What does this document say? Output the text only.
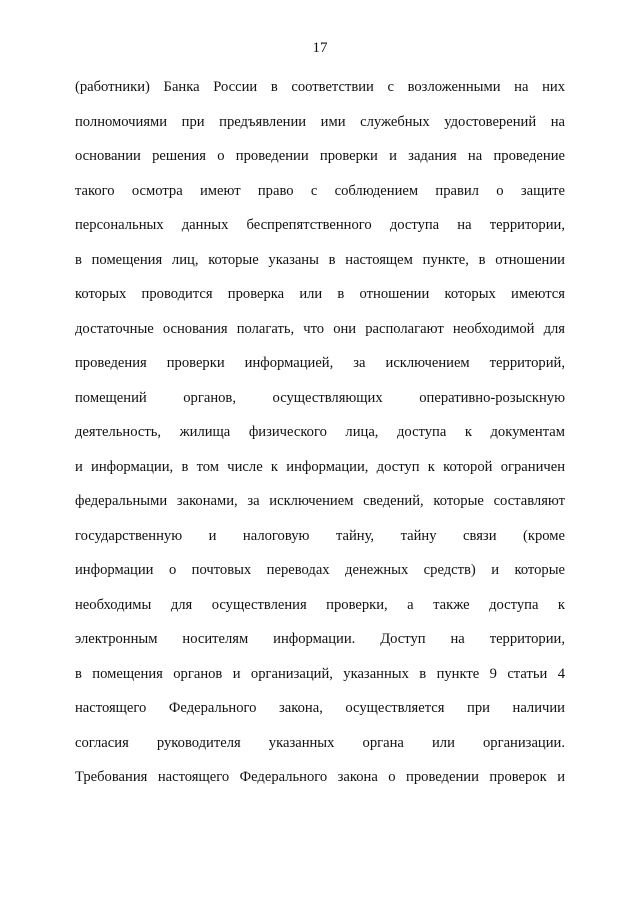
17
(работники) Банка России в соответствии с возложенными на них
полномочиями при предъявлении ими служебных удостоверений на
основании решения о проведении проверки и задания на проведение
такого осмотра имеют право с соблюдением правил о защите
персональных данных беспрепятственного доступа на территории,
в помещения лиц, которые указаны в настоящем пункте, в отношении
которых проводится проверка или в отношении которых имеются
достаточные основания полагать, что они располагают необходимой для
проведения проверки информацией, за исключением территорий,
помещений органов, осуществляющих оперативно-розыскную
деятельность, жилища физического лица, доступа к документам
и информации, в том числе к информации, доступ к которой ограничен
федеральными законами, за исключением сведений, которые составляют
государственную и налоговую тайну, тайну связи (кроме
информации о почтовых переводах денежных средств) и которые
необходимы для осуществления проверки, а также доступа к
электронным носителям информации. Доступ на территории,
в помещения органов и организаций, указанных в пункте 9 статьи 4
настоящего Федерального закона, осуществляется при наличии
согласия руководителя указанных органа или организации.
Требования настоящего Федерального закона о проведении проверок и
